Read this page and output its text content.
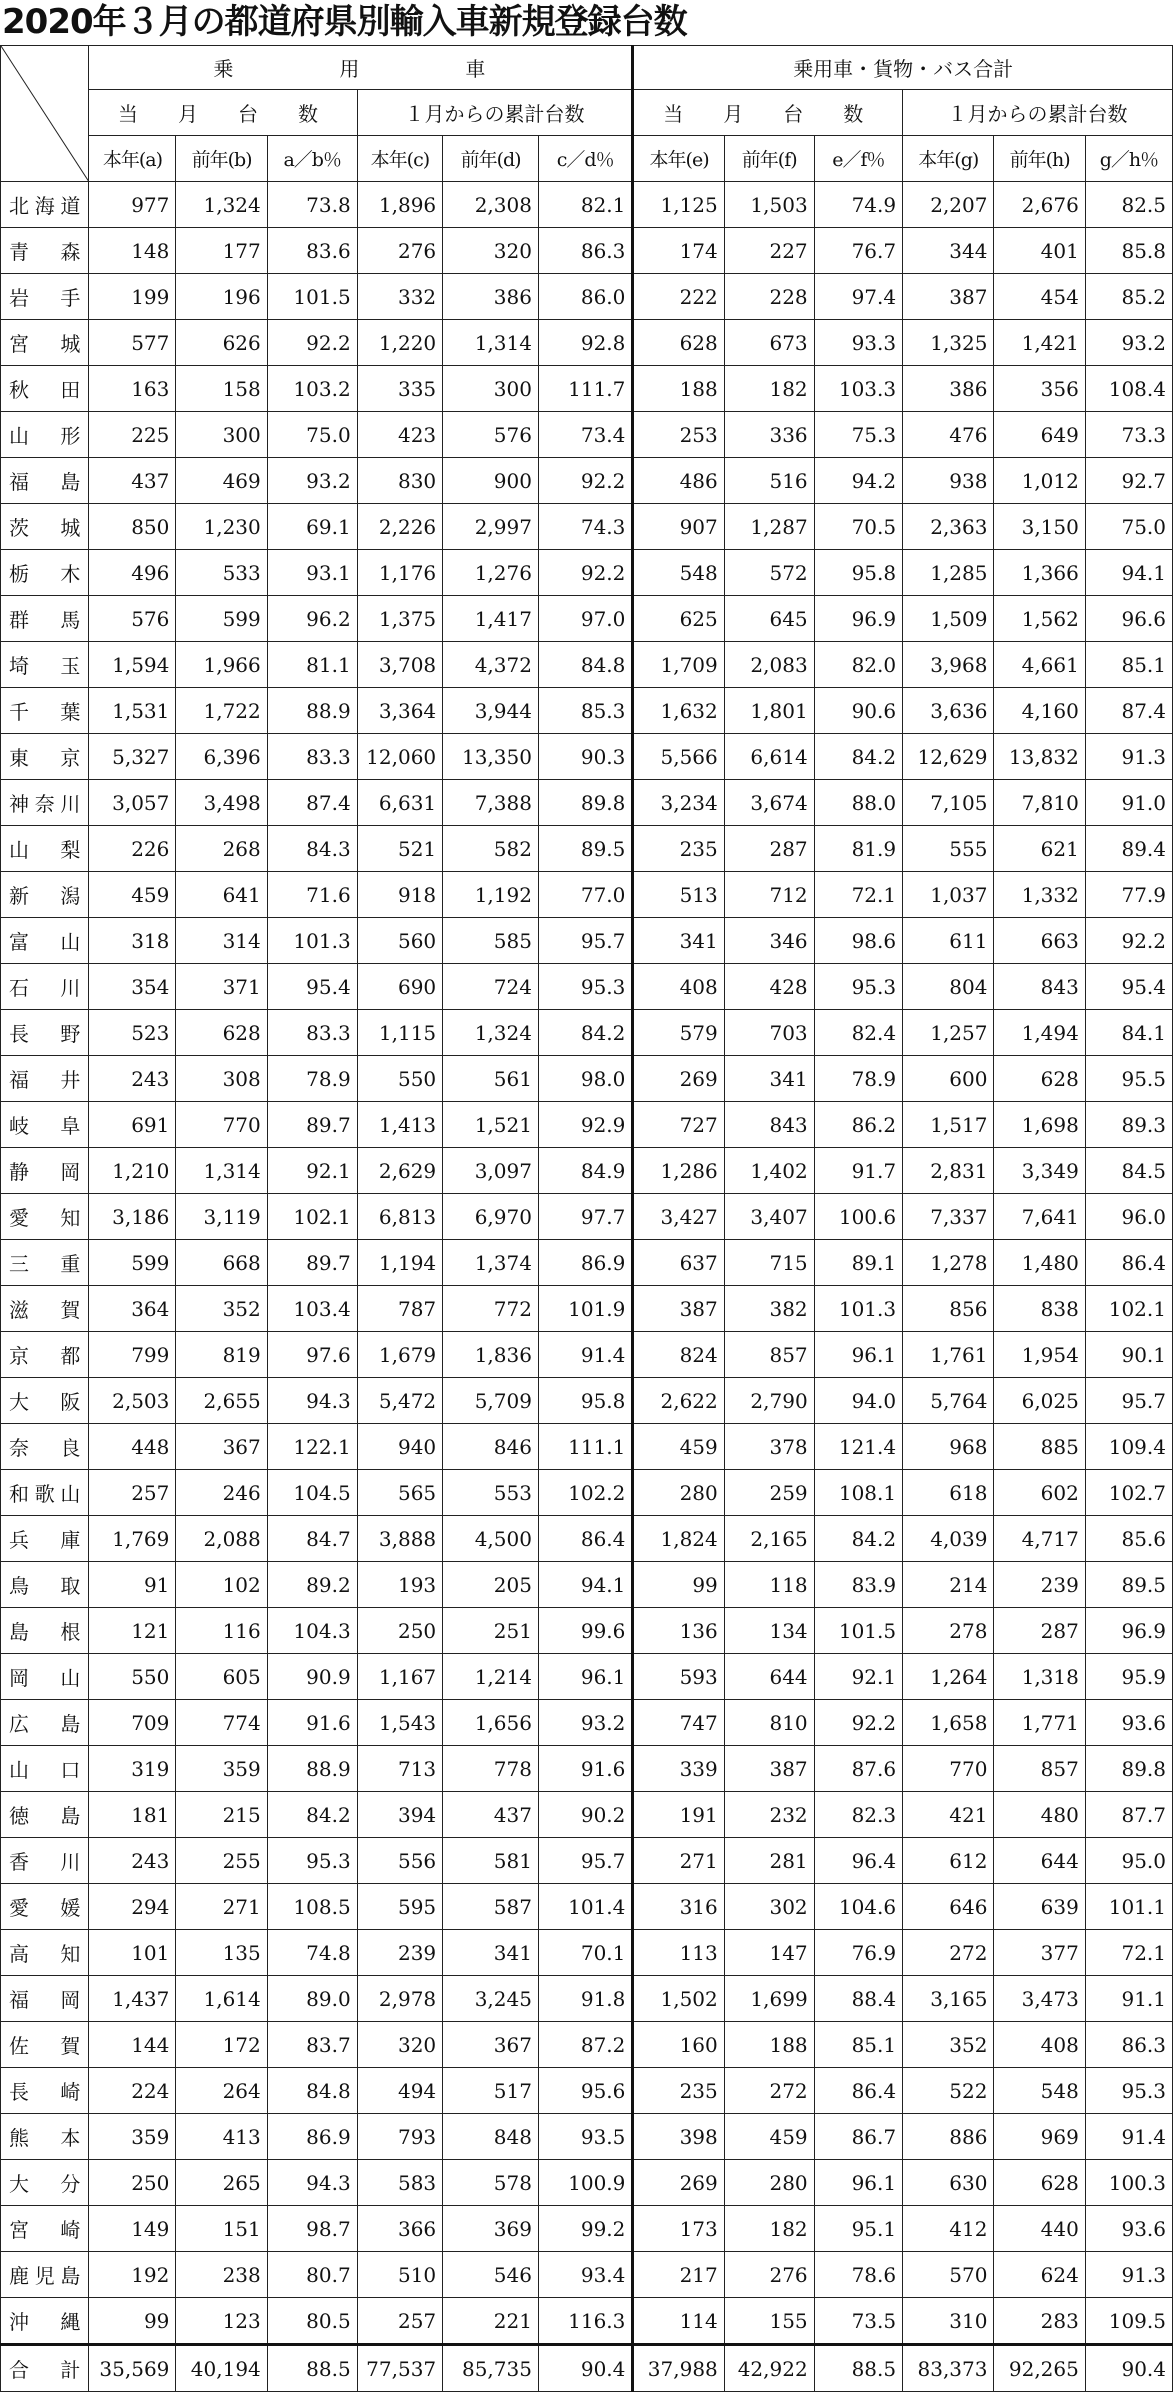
2020年３月の都道府県別輸入車新規登録台数
	乗　　用　　車						乗用車・貨物・バス合計					
	当　月　台　数			１月からの累計台数			当　月　台　数			１月からの累計台数		
	本年(a)	前年(b)	a／b％	本年(c)	前年(d)	c／d％	本年(e)	前年(f)	e／f％	本年(g)	前年(h)	g／h％
北海道	977	1,324	73.8	1,896	2,308	82.1	1,125	1,503	74.9	2,207	2,676	82.5
青森	148	177	83.6	276	320	86.3	174	227	76.7	344	401	85.8
岩手	199	196	101.5	332	386	86.0	222	228	97.4	387	454	85.2
宮城	577	626	92.2	1,220	1,314	92.8	628	673	93.3	1,325	1,421	93.2
秋田	163	158	103.2	335	300	111.7	188	182	103.3	386	356	108.4
山形	225	300	75.0	423	576	73.4	253	336	75.3	476	649	73.3
福島	437	469	93.2	830	900	92.2	486	516	94.2	938	1,012	92.7
茨城	850	1,230	69.1	2,226	2,997	74.3	907	1,287	70.5	2,363	3,150	75.0
栃木	496	533	93.1	1,176	1,276	92.2	548	572	95.8	1,285	1,366	94.1
群馬	576	599	96.2	1,375	1,417	97.0	625	645	96.9	1,509	1,562	96.6
埼玉	1,594	1,966	81.1	3,708	4,372	84.8	1,709	2,083	82.0	3,968	4,661	85.1
千葉	1,531	1,722	88.9	3,364	3,944	85.3	1,632	1,801	90.6	3,636	4,160	87.4
東京	5,327	6,396	83.3	12,060	13,350	90.3	5,566	6,614	84.2	12,629	13,832	91.3
神奈川	3,057	3,498	87.4	6,631	7,388	89.8	3,234	3,674	88.0	7,105	7,810	91.0
山梨	226	268	84.3	521	582	89.5	235	287	81.9	555	621	89.4
新潟	459	641	71.6	918	1,192	77.0	513	712	72.1	1,037	1,332	77.9
富山	318	314	101.3	560	585	95.7	341	346	98.6	611	663	92.2
石川	354	371	95.4	690	724	95.3	408	428	95.3	804	843	95.4
長野	523	628	83.3	1,115	1,324	84.2	579	703	82.4	1,257	1,494	84.1
福井	243	308	78.9	550	561	98.0	269	341	78.9	600	628	95.5
岐阜	691	770	89.7	1,413	1,521	92.9	727	843	86.2	1,517	1,698	89.3
静岡	1,210	1,314	92.1	2,629	3,097	84.9	1,286	1,402	91.7	2,831	3,349	84.5
愛知	3,186	3,119	102.1	6,813	6,970	97.7	3,427	3,407	100.6	7,337	7,641	96.0
三重	599	668	89.7	1,194	1,374	86.9	637	715	89.1	1,278	1,480	86.4
滋賀	364	352	103.4	787	772	101.9	387	382	101.3	856	838	102.1
京都	799	819	97.6	1,679	1,836	91.4	824	857	96.1	1,761	1,954	90.1
大阪	2,503	2,655	94.3	5,472	5,709	95.8	2,622	2,790	94.0	5,764	6,025	95.7
奈良	448	367	122.1	940	846	111.1	459	378	121.4	968	885	109.4
和歌山	257	246	104.5	565	553	102.2	280	259	108.1	618	602	102.7
兵庫	1,769	2,088	84.7	3,888	4,500	86.4	1,824	2,165	84.2	4,039	4,717	85.6
鳥取	91	102	89.2	193	205	94.1	99	118	83.9	214	239	89.5
島根	121	116	104.3	250	251	99.6	136	134	101.5	278	287	96.9
岡山	550	605	90.9	1,167	1,214	96.1	593	644	92.1	1,264	1,318	95.9
広島	709	774	91.6	1,543	1,656	93.2	747	810	92.2	1,658	1,771	93.6
山口	319	359	88.9	713	778	91.6	339	387	87.6	770	857	89.8
徳島	181	215	84.2	394	437	90.2	191	232	82.3	421	480	87.7
香川	243	255	95.3	556	581	95.7	271	281	96.4	612	644	95.0
愛媛	294	271	108.5	595	587	101.4	316	302	104.6	646	639	101.1
高知	101	135	74.8	239	341	70.1	113	147	76.9	272	377	72.1
福岡	1,437	1,614	89.0	2,978	3,245	91.8	1,502	1,699	88.4	3,165	3,473	91.1
佐賀	144	172	83.7	320	367	87.2	160	188	85.1	352	408	86.3
長崎	224	264	84.8	494	517	95.6	235	272	86.4	522	548	95.3
熊本	359	413	86.9	793	848	93.5	398	459	86.7	886	969	91.4
大分	250	265	94.3	583	578	100.9	269	280	96.1	630	628	100.3
宮崎	149	151	98.7	366	369	99.2	173	182	95.1	412	440	93.6
鹿児島	192	238	80.7	510	546	93.4	217	276	78.6	570	624	91.3
沖縄	99	123	80.5	257	221	116.3	114	155	73.5	310	283	109.5
合計	35,569	40,194	88.5	77,537	85,735	90.4	37,988	42,922	88.5	83,373	92,265	90.4
